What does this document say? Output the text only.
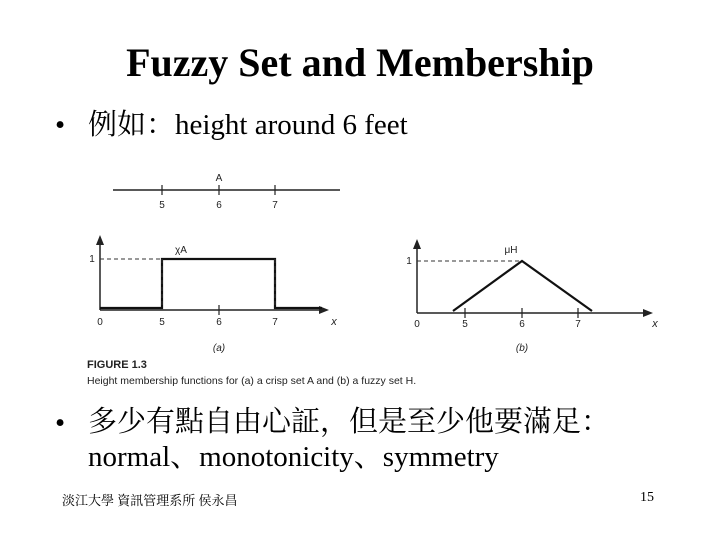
Fuzzy Set and Membership
• 例如：height around 6 feet
A
5	6	7
1
χA
0	5	6	7	x
(a)
1
μH
0	5	6	7	x
(b)
FIGURE 1.3
Height membership functions for (a) a crisp set A and (b) a fuzzy set H.
• 多少有點自由心証，但是至少他要滿足：normal、monotonicity、symmetry
淡江大學 資訊管理系所 侯永昌	15
